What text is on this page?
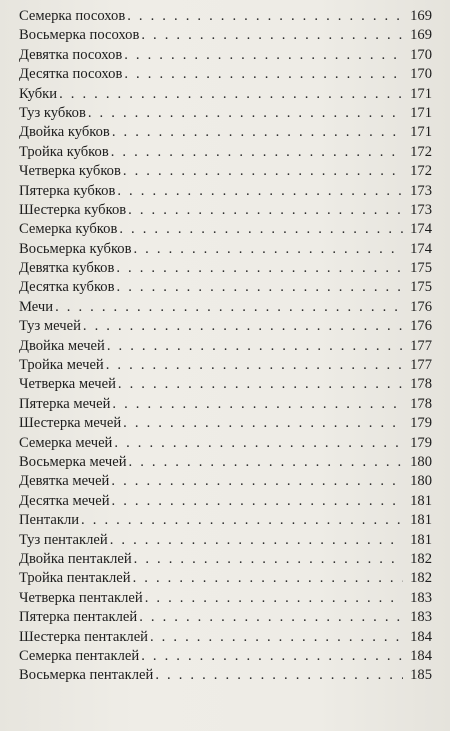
Семерка посохов . . .	169
Восьмерка посохов . . .	169
Девятка посохов . . .	170
Десятка посохов . . .	170
Кубки . . .	171
Туз кубков . . .	171
Двойка кубков . . .	171
Тройка кубков . . .	172
Четверка кубков . . .	172
Пятерка кубков . . .	173
Шестерка кубков . . .	173
Семерка кубков . . .	174
Восьмерка кубков . . .	174
Девятка кубков . . .	175
Десятка кубков . . .	175
Мечи . . .	176
Туз мечей . . .	176
Двойка мечей . . .	177
Тройка мечей . . .	177
Четверка мечей . . .	178
Пятерка мечей . . .	178
Шестерка мечей . . .	179
Семерка мечей . . .	179
Восьмерка мечей . . .	180
Девятка мечей . . .	180
Десятка мечей . . .	181
Пентакли . . .	181
Туз пентаклей . . .	181
Двойка пентаклей . . .	182
Тройка пентаклей . . .	182
Четверка пентаклей . . .	183
Пятерка пентаклей . . .	183
Шестерка пентаклей . . .	184
Семерка пентаклей . . .	184
Восьмерка пентаклей . . .	185
